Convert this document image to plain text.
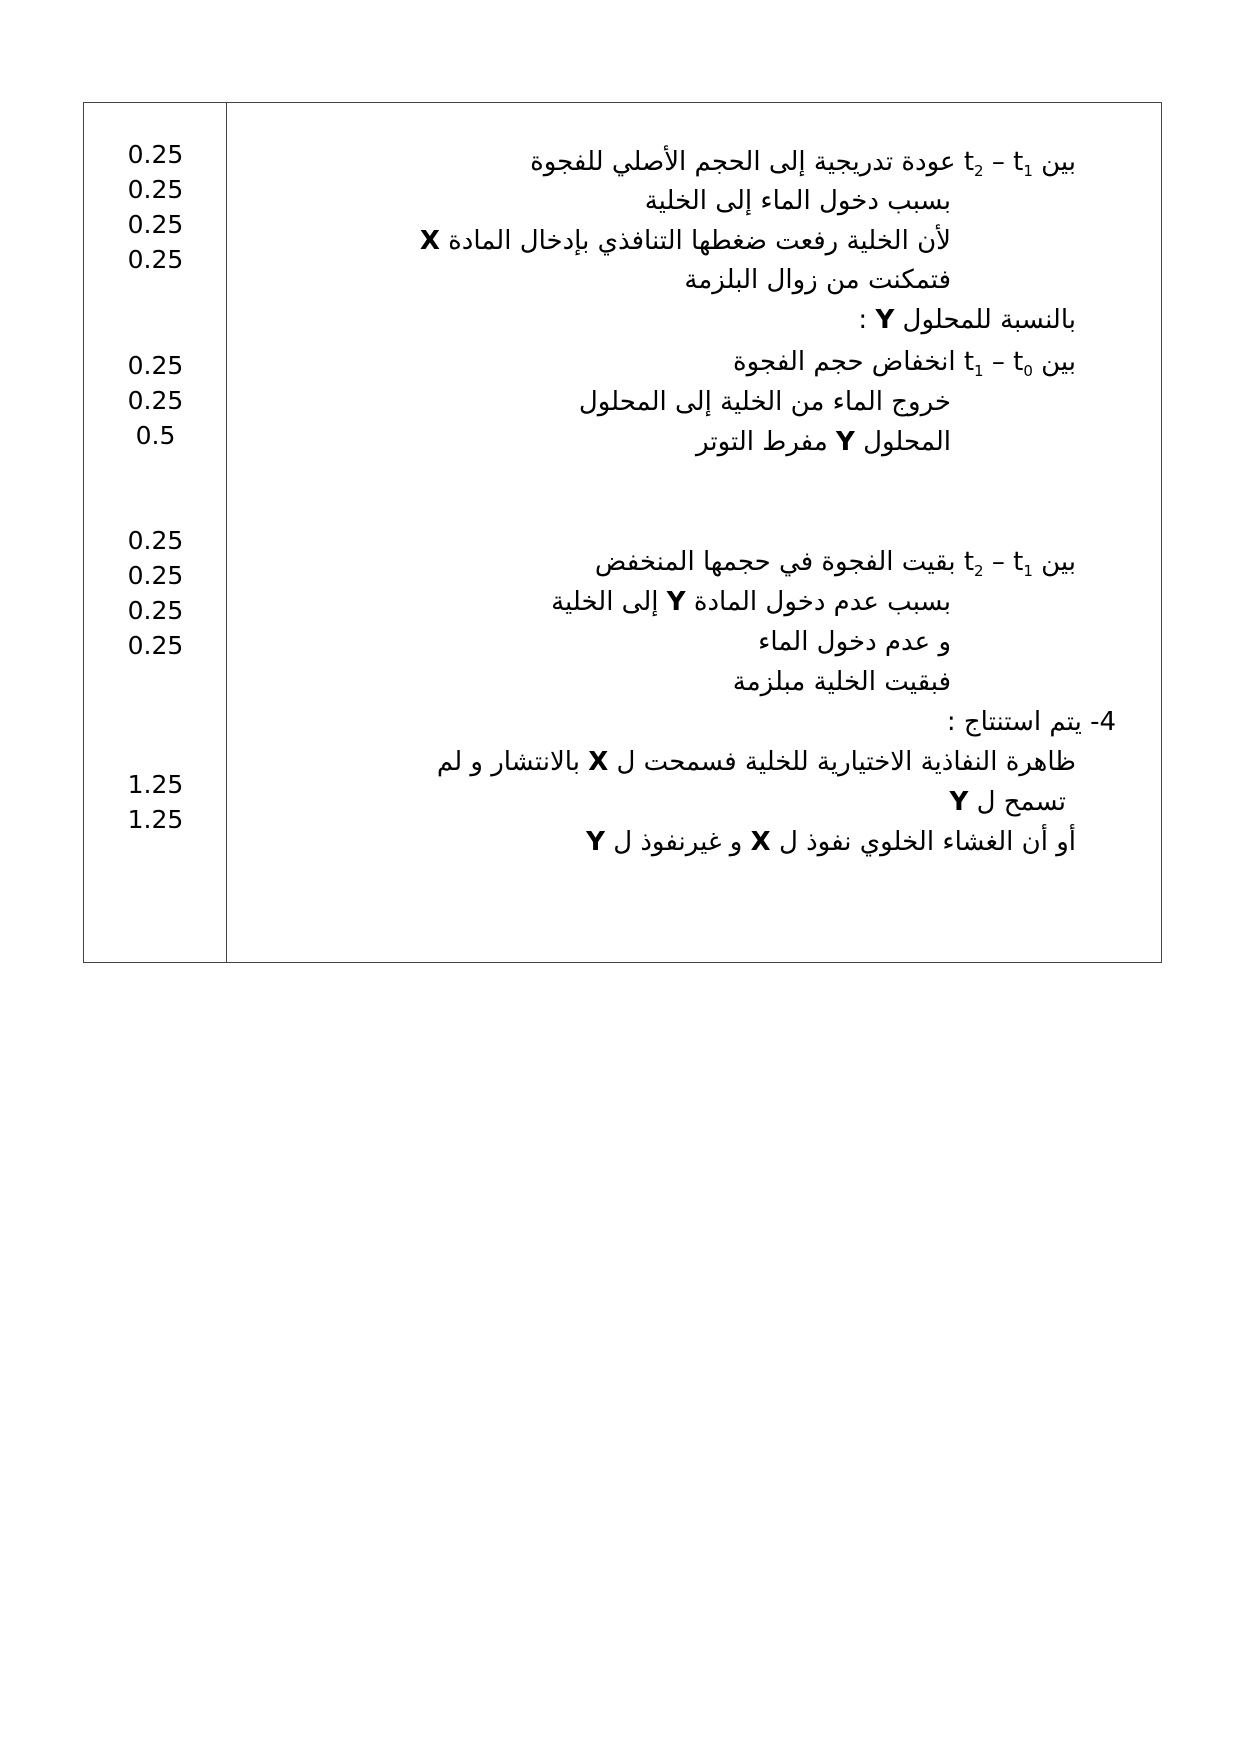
0.25
0.25
0.25
0.25
0.25
0.25
0.5
0.25
0.25
0.25
0.25
1.25
1.25
بين $t_2 - t_1$ عودة تدريجية إلى الحجم الأصلي للفجوة
بسبب دخول الماء إلى الخلية
لأن الخلية رفعت ضغطها التنافذي بإدخال المادة X
فتمكنت من زوال البلزمة
بالنسبة للمحلول Y :
بين $t_1 - t_0$ انخفاض حجم الفجوة
خروج الماء من الخلية إلى المحلول
المحلول Y مفرط التوتر
بين $t_2 - t_1$ بقيت الفجوة في حجمها المنخفض
بسبب عدم دخول المادة Y إلى الخلية
و عدم دخول الماء
فبقيت الخلية مبلزمة
4- يتم استنتاج :
ظاهرة النفاذية الاختيارية للخلية فسمحت ل X بالانتشار و لم
تسمح ل Y
أو أن الغشاء الخلوي نفوذ ل X و غيرنفوذ ل Y
